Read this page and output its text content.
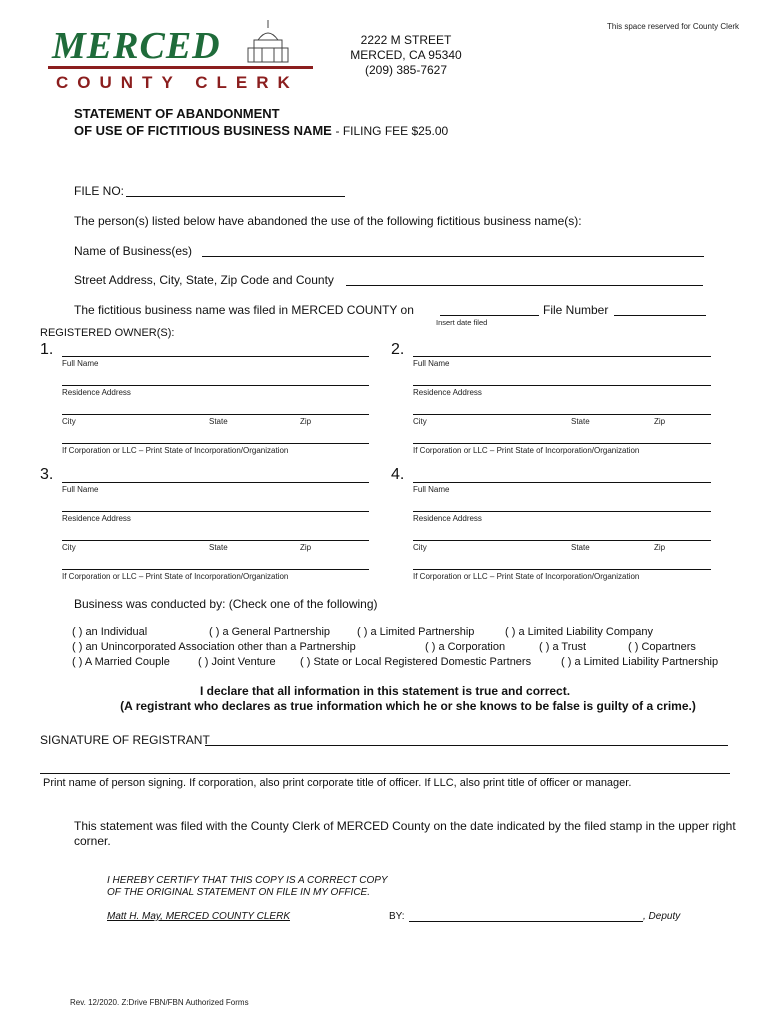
This space reserved for County Clerk
MERCED
COUNTY CLERK
2222 M STREET
MERCED, CA 95340
(209) 385-7627
STATEMENT OF ABANDONMENT
OF USE OF FICTITIOUS BUSINESS NAME - FILING FEE $25.00
FILE NO:
The person(s) listed below have abandoned the use of the following fictitious business name(s):
Name of Business(es)
Street Address, City, State, Zip Code and County
The fictitious business name was filed in MERCED COUNTY on	File Number
Insert date filed
REGISTERED OWNER(S):
1.
Full Name
Residence Address
City	State	Zip
If Corporation or LLC – Print State of Incorporation/Organization
2.
Full Name
Residence Address
City	State	Zip
If Corporation or LLC – Print State of Incorporation/Organization
3.
Full Name
Residence Address
City	State	Zip
If Corporation or LLC – Print State of Incorporation/Organization
4.
Full Name
Residence Address
City	State	Zip
If Corporation or LLC – Print State of Incorporation/Organization
Business was conducted by: (Check one of the following)
( ) an Individual	( ) a General Partnership ( ) a Limited Partnership	( ) a Limited Liability Company
( ) an Unincorporated Association other than a Partnership	( ) a Corporation	( ) a Trust	( ) Copartners
( ) A Married Couple	( ) Joint Venture ( ) State or Local Registered Domestic Partners	( ) a Limited Liability Partnership
I declare that all information in this statement is true and correct.
(A registrant who declares as true information which he or she knows to be false is guilty of a crime.)
SIGNATURE OF REGISTRANT
Print name of person signing. If corporation, also print corporate title of officer. If LLC, also print title of officer or manager.
This statement was filed with the County Clerk of MERCED County on the date indicated by the filed stamp in the upper right corner.
I HEREBY CERTIFY THAT THIS COPY IS A CORRECT COPY
OF THE ORIGINAL STATEMENT ON FILE IN MY OFFICE.
Matt H. May, MERCED COUNTY CLERK	BY:	, Deputy
Rev. 12/2020. Z:Drive FBN/FBN Authorized Forms
